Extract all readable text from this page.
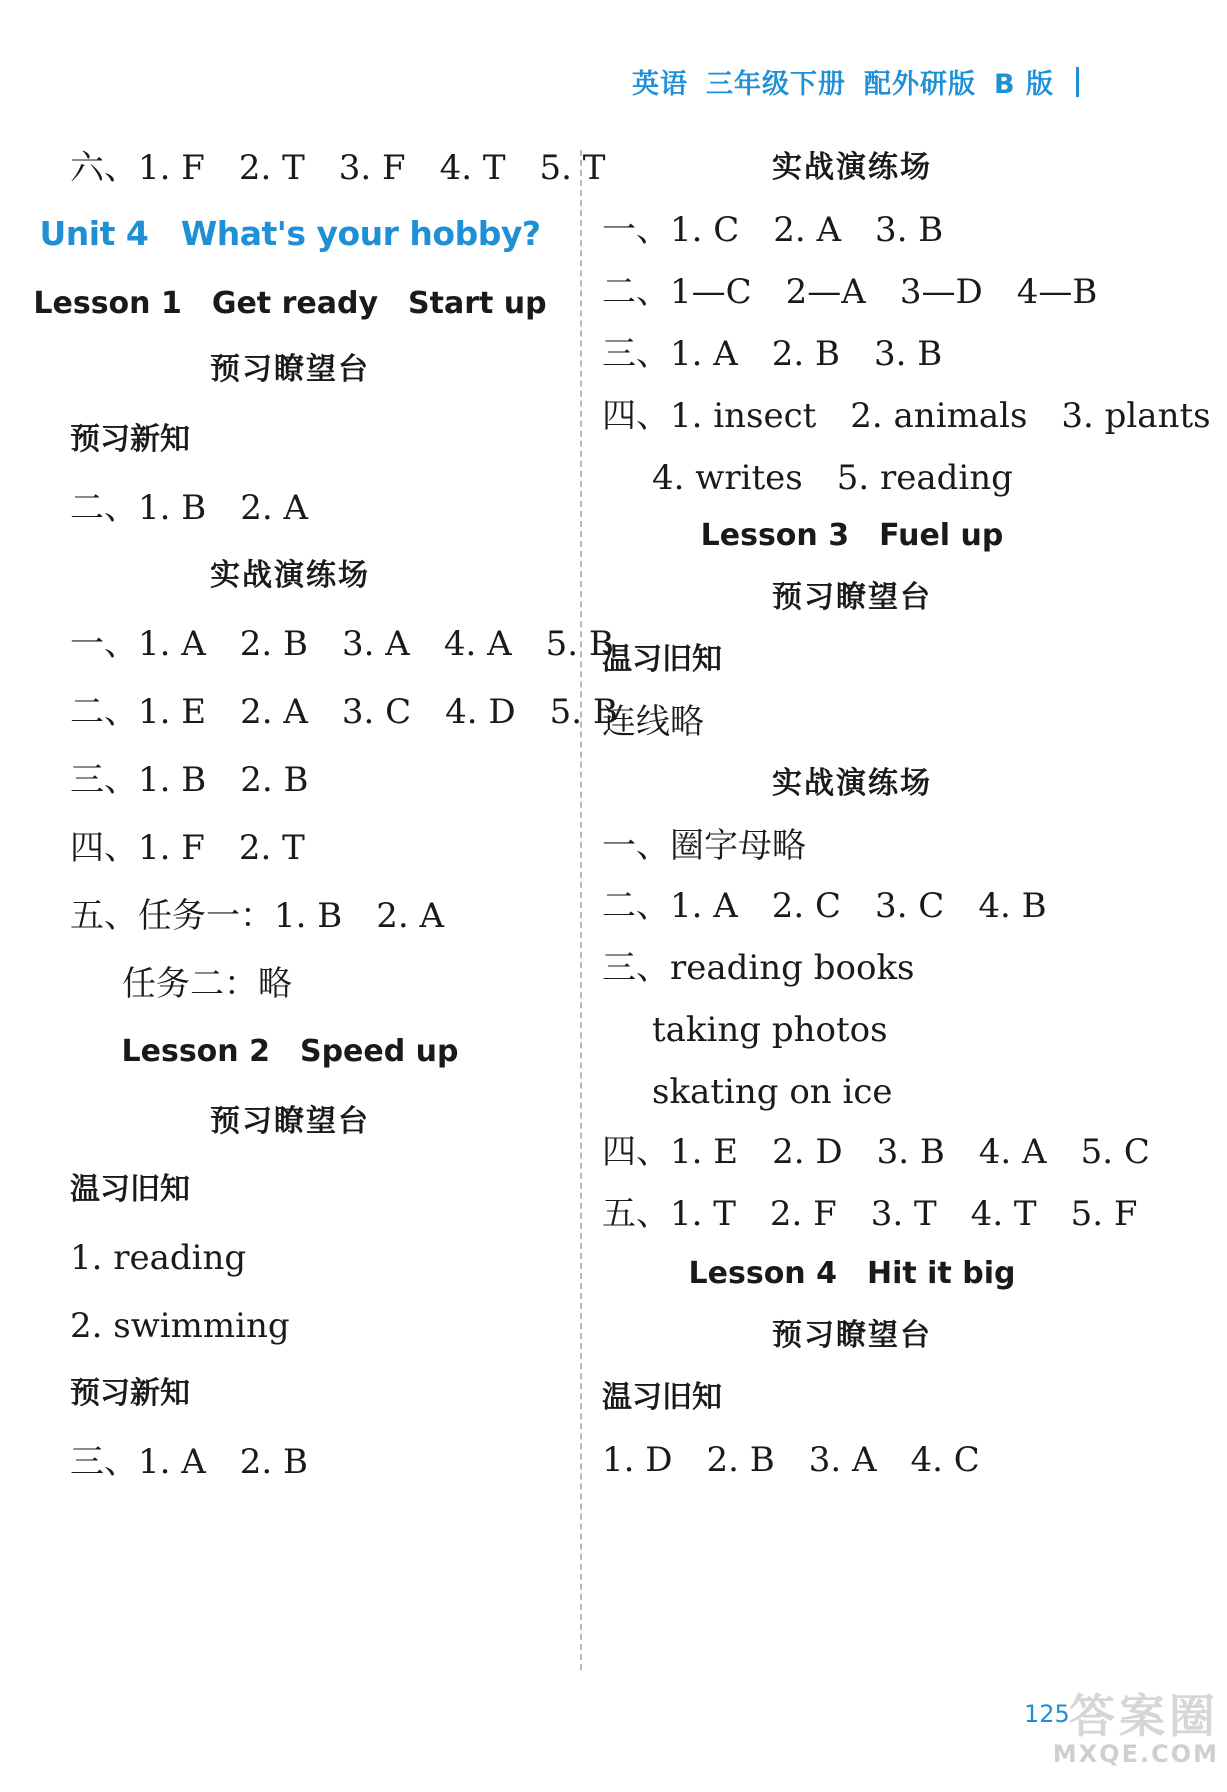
英语 三年级下册 配外研版 B 版
六、1. F　2. T　3. F　4. T　5. T
Unit 4　What's your hobby?
Lesson 1　Get ready　Start up
预习瞭望台
预习新知
二、1. B　2. A
实战演练场
一、1. A　2. B　3. A　4. A　5. B
二、1. E　2. A　3. C　4. D　5. B
三、1. B　2. B
四、1. F　2. T
五、任务一：1. B　2. A
任务二：略
Lesson 2　Speed up
预习瞭望台
温习旧知
1. reading
2. swimming
预习新知
三、1. A　2. B
实战演练场
一、1. C　2. A　3. B
二、1—C　2—A　3—D　4—B
三、1. A　2. B　3. B
四、1. insect　2. animals　3. plants
4. writes　5. reading
Lesson 3　Fuel up
预习瞭望台
温习旧知
连线略
实战演练场
一、圈字母略
二、1. A　2. C　3. C　4. B
三、reading books
taking photos
skating on ice
四、1. E　2. D　3. B　4. A　5. C
五、1. T　2. F　3. T　4. T　5. F
Lesson 4　Hit it big
预习瞭望台
温习旧知
1. D　2. B　3. A　4. C
125 答案圈
MXQE.COM
